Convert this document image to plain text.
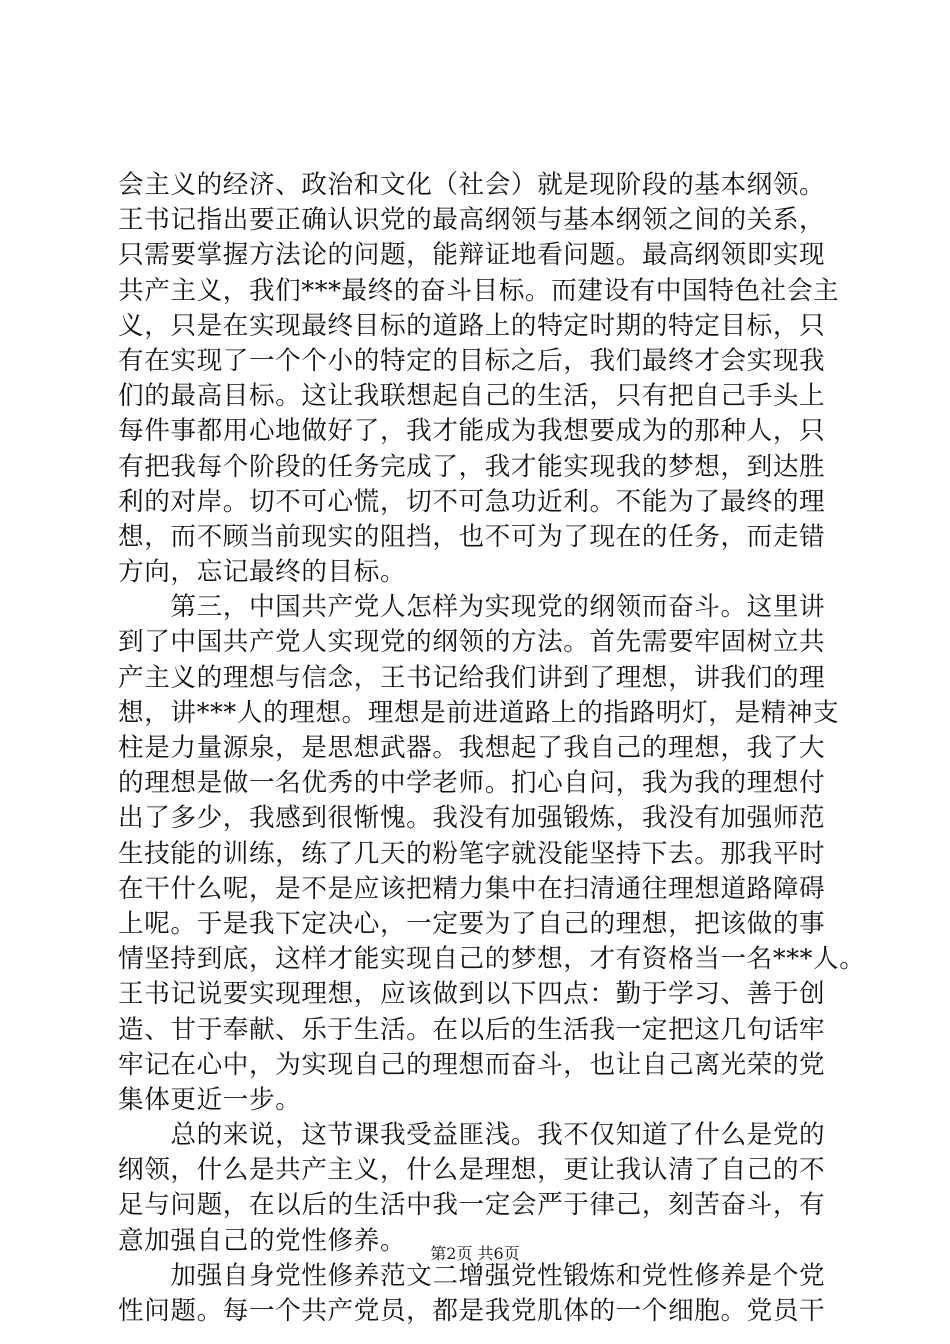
会主义的经济、政治和文化（社会）就是现阶段的基本纲领。
王书记指出要正确认识党的最高纲领与基本纲领之间的关系，
只需要掌握方法论的问题，能辩证地看问题。最高纲领即实现
共产主义，我们***最终的奋斗目标。而建设有中国特色社会主
义，只是在实现最终目标的道路上的特定时期的特定目标，只
有在实现了一个个小的特定的目标之后，我们最终才会实现我
们的最高目标。这让我联想起自己的生活，只有把自己手头上
每件事都用心地做好了，我才能成为我想要成为的那种人，只
有把我每个阶段的任务完成了，我才能实现我的梦想，到达胜
利的对岸。切不可心慌，切不可急功近利。不能为了最终的理
想，而不顾当前现实的阻挡，也不可为了现在的任务，而走错
方向，忘记最终的目标。
　　第三，中国共产党人怎样为实现党的纲领而奋斗。这里讲
到了中国共产党人实现党的纲领的方法。首先需要牢固树立共
产主义的理想与信念，王书记给我们讲到了理想，讲我们的理
想，讲***人的理想。理想是前进道路上的指路明灯，是精神支
柱是力量源泉，是思想武器。我想起了我自己的理想，我了大
的理想是做一名优秀的中学老师。扪心自问，我为我的理想付
出了多少，我感到很惭愧。我没有加强锻炼，我没有加强师范
生技能的训练，练了几天的粉笔字就没能坚持下去。那我平时
在干什么呢，是不是应该把精力集中在扫清通往理想道路障碍
上呢。于是我下定决心，一定要为了自己的理想，把该做的事
情坚持到底，这样才能实现自己的梦想，才有资格当一名***人。
王书记说要实现理想，应该做到以下四点：勤于学习、善于创
造、甘于奉献、乐于生活。在以后的生活我一定把这几句话牢
牢记在心中，为实现自己的理想而奋斗，也让自己离光荣的党
集体更近一步。
　　总的来说，这节课我受益匪浅。我不仅知道了什么是党的
纲领，什么是共产主义，什么是理想，更让我认清了自己的不
足与问题，在以后的生活中我一定会严于律己，刻苦奋斗，有
意加强自己的党性修养。
　　加强自身党性修养范文二增强党性锻炼和党性修养是个党
性问题。每一个共产党员，都是我党肌体的一个细胞。党员干
第2页 共6页
